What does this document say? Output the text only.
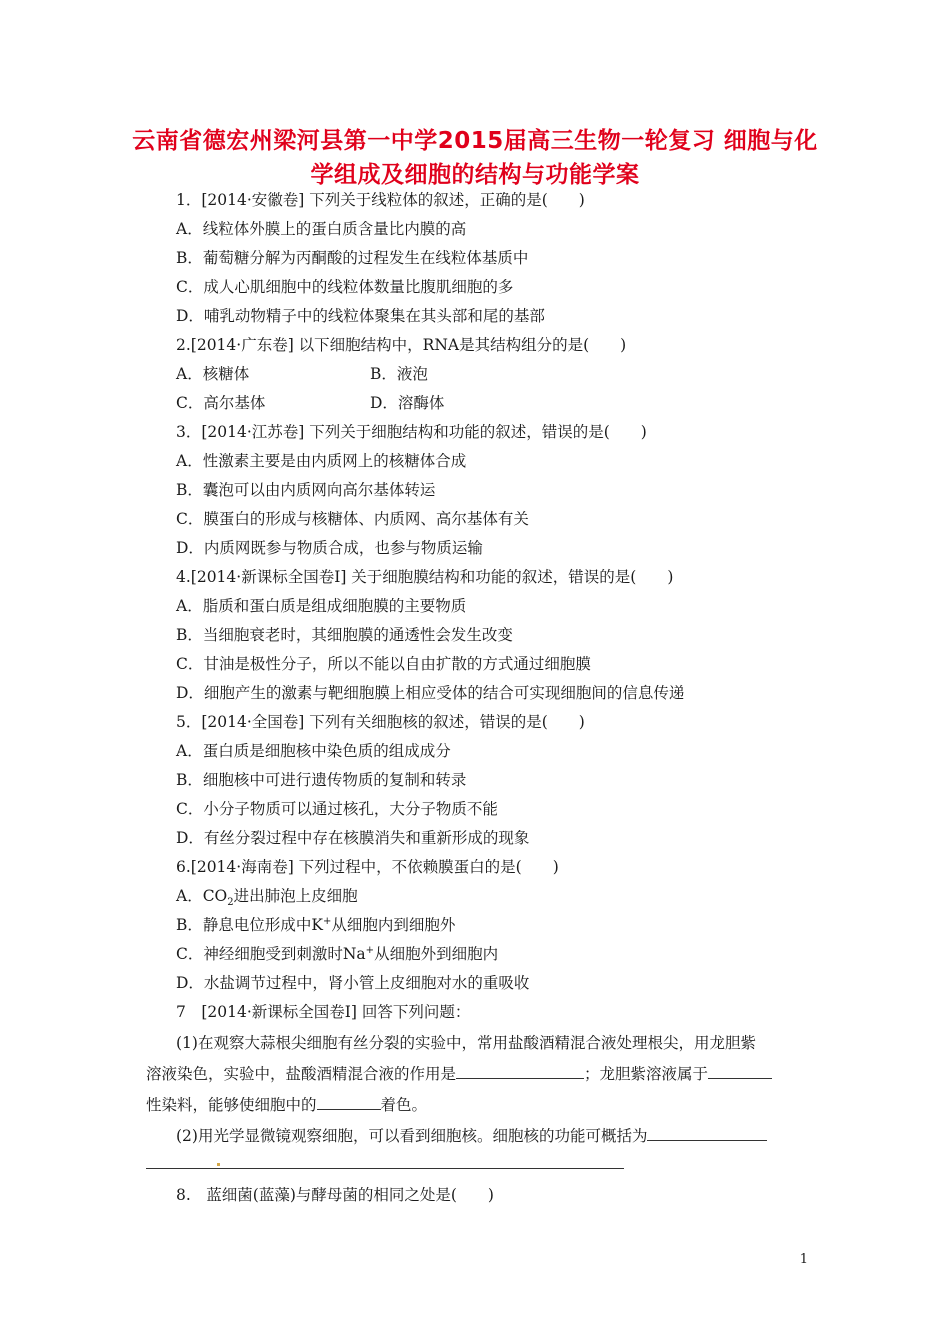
云南省德宏州梁河县第一中学2015届高三生物一轮复习 细胞与化
学组成及细胞的结构与功能学案
1．[2014·安徽卷] 下列关于线粒体的叙述，正确的是(　　)
A．线粒体外膜上的蛋白质含量比内膜的高
B．葡萄糖分解为丙酮酸的过程发生在线粒体基质中
C．成人心肌细胞中的线粒体数量比腹肌细胞的多
D．哺乳动物精子中的线粒体聚集在其头部和尾的基部
2.[2014·广东卷] 以下细胞结构中，RNA是其结构组分的是(　　)
A．核糖体	B．液泡
C．高尔基体	D．溶酶体
3．[2014·江苏卷] 下列关于细胞结构和功能的叙述，错误的是(　　)
A．性激素主要是由内质网上的核糖体合成
B．囊泡可以由内质网向高尔基体转运
C．膜蛋白的形成与核糖体、内质网、高尔基体有关
D．内质网既参与物质合成，也参与物质运输
4.[2014·新课标全国卷Ⅰ] 关于细胞膜结构和功能的叙述，错误的是(　　)
A．脂质和蛋白质是组成细胞膜的主要物质
B．当细胞衰老时，其细胞膜的通透性会发生改变
C．甘油是极性分子，所以不能以自由扩散的方式通过细胞膜
D．细胞产生的激素与靶细胞膜上相应受体的结合可实现细胞间的信息传递
5．[2014·全国卷] 下列有关细胞核的叙述，错误的是(　　)
A．蛋白质是细胞核中染色质的组成成分
B．细胞核中可进行遗传物质的复制和转录
C．小分子物质可以通过核孔，大分子物质不能
D．有丝分裂过程中存在核膜消失和重新形成的现象
6.[2014·海南卷] 下列过程中，不依赖膜蛋白的是(　　)
A．$CO_2$进出肺泡上皮细胞
B．静息电位形成中K+从细胞内到细胞外
C．神经细胞受到刺激时Na+从细胞外到细胞内
D．水盐调节过程中，肾小管上皮细胞对水的重吸收
7　[2014·新课标全国卷Ⅰ] 回答下列问题：
(1)在观察大蒜根尖细胞有丝分裂的实验中，常用盐酸酒精混合液处理根尖，用龙胆紫
溶液染色，实验中，盐酸酒精混合液的作用是	；龙胆紫溶液属于
性染料，能够使细胞中的	着色。
(2)用光学显微镜观察细胞，可以看到细胞核。细胞核的功能可概括为
8.　蓝细菌(蓝藻)与酵母菌的相同之处是(　　)
1
